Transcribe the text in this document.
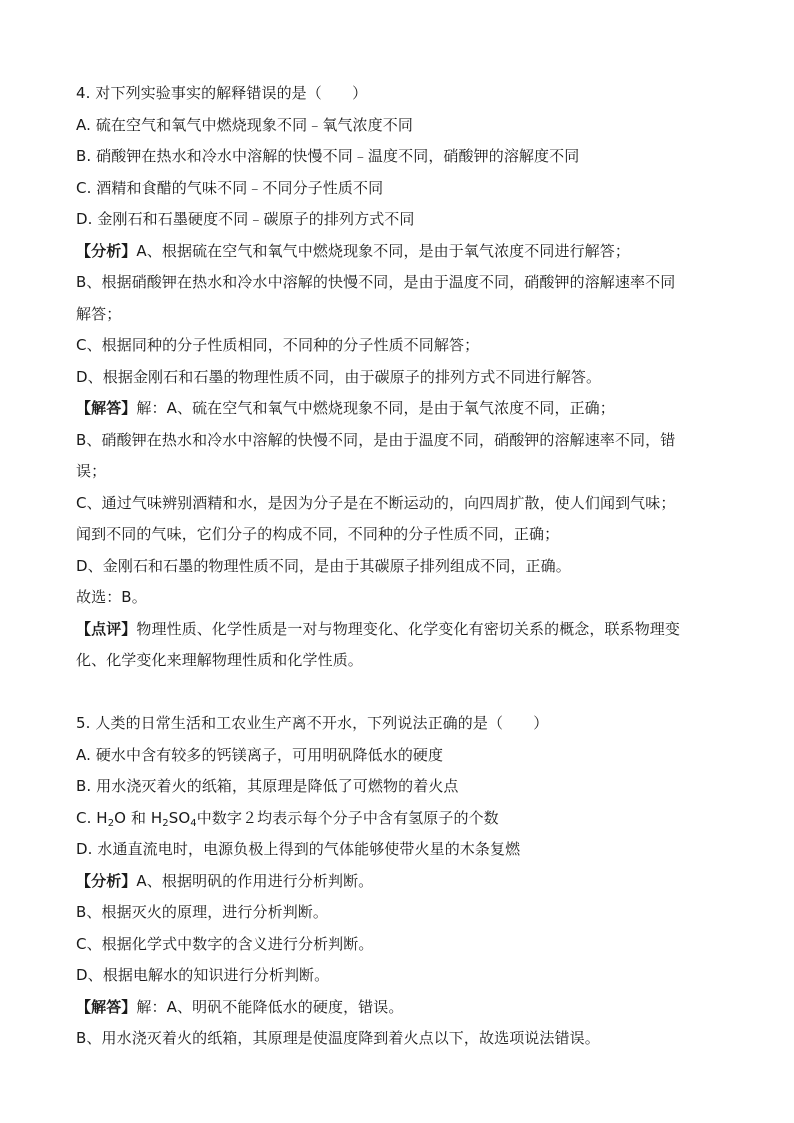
4. 对下列实验事实的解释错误的是（　　）
A. 硫在空气和氧气中燃烧现象不同﹣氧气浓度不同
B. 硝酸钾在热水和冷水中溶解的快慢不同﹣温度不同，硝酸钾的溶解度不同
C. 酒精和食醋的气味不同﹣不同分子性质不同
D. 金刚石和石墨硬度不同﹣碳原子的排列方式不同
【分析】A、根据硫在空气和氧气中燃烧现象不同，是由于氧气浓度不同进行解答；
B、根据硝酸钾在热水和冷水中溶解的快慢不同，是由于温度不同，硝酸钾的溶解速率不同
解答；
C、根据同种的分子性质相同，不同种的分子性质不同解答；
D、根据金刚石和石墨的物理性质不同，由于碳原子的排列方式不同进行解答。
【解答】解：A、硫在空气和氧气中燃烧现象不同，是由于氧气浓度不同，正确；
B、硝酸钾在热水和冷水中溶解的快慢不同，是由于温度不同，硝酸钾的溶解速率不同，错
误；
C、通过气味辨别酒精和水，是因为分子是在不断运动的，向四周扩散，使人们闻到气味；
闻到不同的气味，它们分子的构成不同，不同种的分子性质不同，正确；
D、金刚石和石墨的物理性质不同，是由于其碳原子排列组成不同，正确。
故选：B。
【点评】物理性质、化学性质是一对与物理变化、化学变化有密切关系的概念，联系物理变
化、化学变化来理解物理性质和化学性质。
5. 人类的日常生活和工农业生产离不开水，下列说法正确的是（　　）
A. 硬水中含有较多的钙镁离子，可用明矾降低水的硬度
B. 用水浇灭着火的纸箱，其原理是降低了可燃物的着火点
C. $H_2O$ 和 $H_2SO_4$中数字２均表示每个分子中含有氢原子的个数
D. 水通直流电时，电源负极上得到的气体能够使带火星的木条复燃
【分析】A、根据明矾的作用进行分析判断。
B、根据灭火的原理，进行分析判断。
C、根据化学式中数字的含义进行分析判断。
D、根据电解水的知识进行分析判断。
【解答】解：A、明矾不能降低水的硬度，错误。
B、用水浇灭着火的纸箱，其原理是使温度降到着火点以下，故选项说法错误。
